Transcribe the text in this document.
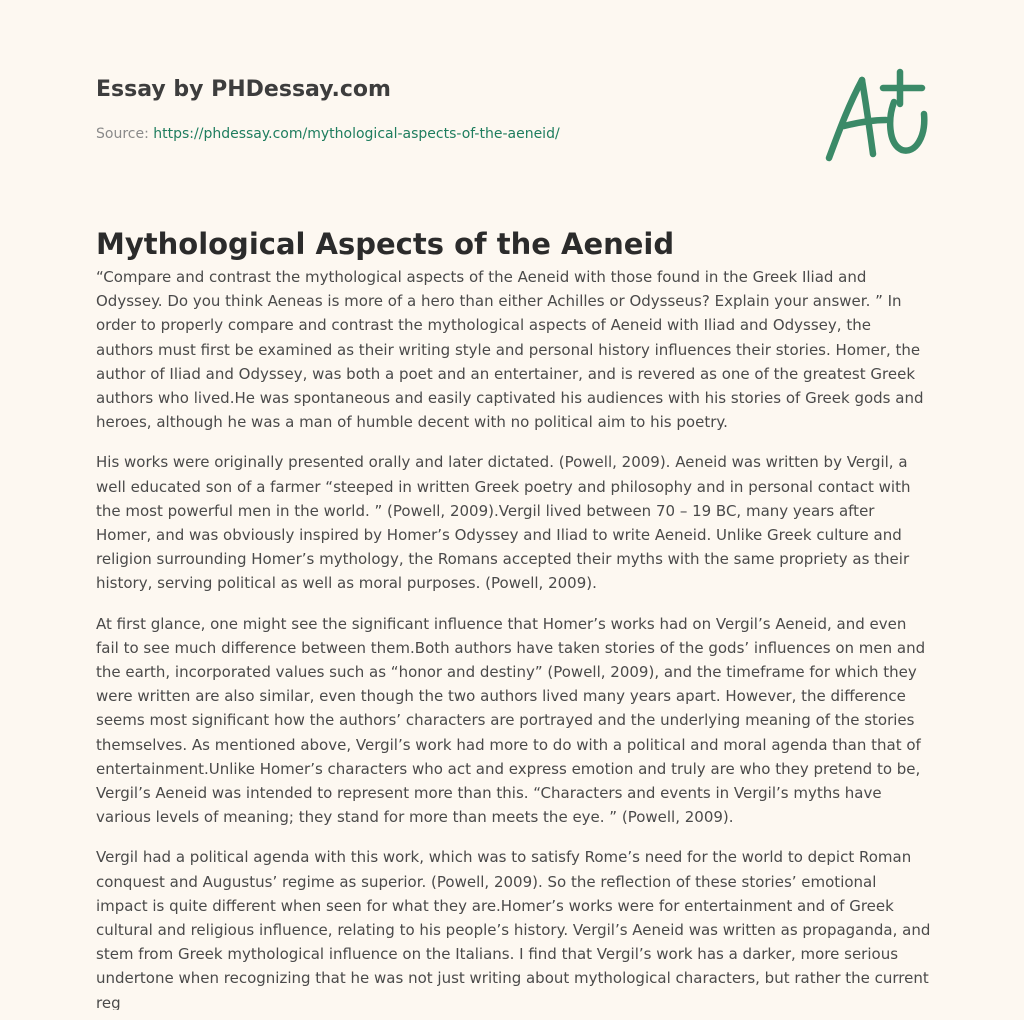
Essay by PHDessay.com
Source: https://phdessay.com/mythological-aspects-of-the-aeneid/
Mythological Aspects of the Aeneid

“Compare and contrast the mythological aspects of the Aeneid with those found in the Greek Iliad and Odyssey. Do you think Aeneas is more of a hero than either Achilles or Odysseus? Explain your answer. ” In order to properly compare and contrast the mythological aspects of Aeneid with Iliad and Odyssey, the authors must first be examined as their writing style and personal history influences their stories. Homer, the author of Iliad and Odyssey, was both a poet and an entertainer, and is revered as one of the greatest Greek authors who lived.He was spontaneous and easily captivated his audiences with his stories of Greek gods and heroes, although he was a man of humble decent with no political aim to his poetry.

His works were originally presented orally and later dictated. (Powell, 2009). Aeneid was written by Vergil, a well educated son of a farmer “steeped in written Greek poetry and philosophy and in personal contact with the most powerful men in the world. ” (Powell, 2009).Vergil lived between 70 – 19 BC, many years after Homer, and was obviously inspired by Homer’s Odyssey and Iliad to write Aeneid. Unlike Greek culture and religion surrounding Homer’s mythology, the Romans accepted their myths with the same propriety as their history, serving political as well as moral purposes. (Powell, 2009).

At first glance, one might see the significant influence that Homer’s works had on Vergil’s Aeneid, and even fail to see much difference between them.Both authors have taken stories of the gods’ influences on men and the earth, incorporated values such as “honor and destiny” (Powell, 2009), and the timeframe for which they were written are also similar, even though the two authors lived many years apart. However, the difference seems most significant how the authors’ characters are portrayed and the underlying meaning of the stories themselves. As mentioned above, Vergil’s work had more to do with a political and moral agenda than that of entertainment.Unlike Homer’s characters who act and express emotion and truly are who they pretend to be, Vergil’s Aeneid was intended to represent more than this. “Characters and events in Vergil’s myths have various levels of meaning; they stand for more than meets the eye. ” (Powell, 2009).

Vergil had a political agenda with this work, which was to satisfy Rome’s need for the world to depict Roman conquest and Augustus’ regime as superior. (Powell, 2009). So the reflection of these stories’ emotional impact is quite different when seen for what they are.Homer’s works were for entertainment and of Greek cultural and religious influence, relating to his people’s history. Vergil’s Aeneid was written as propaganda, and stem from Greek mythological influence on the Italians. I find that Vergil’s work has a darker, more serious undertone when recognizing that he was not just writing about mythological characters, but rather the current reg
